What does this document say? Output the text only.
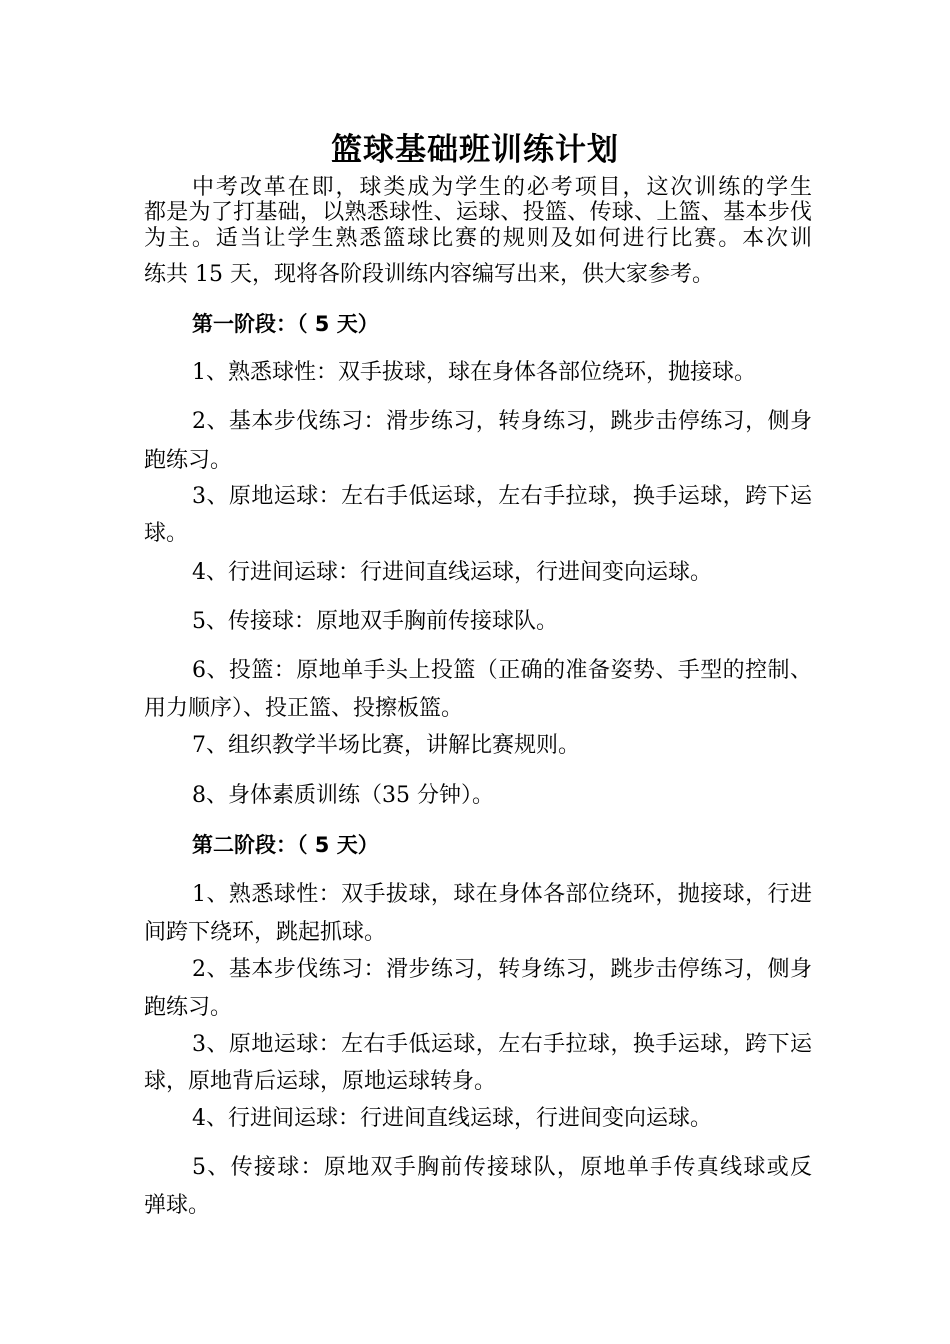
篮球基础班训练计划
中考改革在即，球类成为学生的必考项目，这次训练的学生
都是为了打基础，以熟悉球性、运球、投篮、传球、上篮、基本步伐
为主。适当让学生熟悉篮球比赛的规则及如何进行比赛。本次训
练共 15 天，现将各阶段训练内容编写出来，供大家参考。
第一阶段：（ 5 天）
1、熟悉球性：双手拔球，球在身体各部位绕环，抛接球。
2、基本步伐练习：滑步练习，转身练习，跳步击停练习，侧身
跑练习。
3、原地运球：左右手低运球，左右手拉球，换手运球，跨下运
球。
4、行进间运球：行进间直线运球，行进间变向运球。
5、传接球：原地双手胸前传接球队。
6、投篮：原地单手头上投篮（正确的准备姿势、手型的控制、
用力顺序）、投正篮、投擦板篮。
7、组织教学半场比赛，讲解比赛规则。
8、身体素质训练（35 分钟）。
第二阶段：（ 5 天）
1、熟悉球性：双手拔球，球在身体各部位绕环，抛接球，行进
间跨下绕环，跳起抓球。
2、基本步伐练习：滑步练习，转身练习，跳步击停练习，侧身
跑练习。
3、原地运球：左右手低运球，左右手拉球，换手运球，跨下运
球，原地背后运球，原地运球转身。
4、行进间运球：行进间直线运球，行进间变向运球。
5、传接球：原地双手胸前传接球队，原地单手传真线球或反
弹球。
